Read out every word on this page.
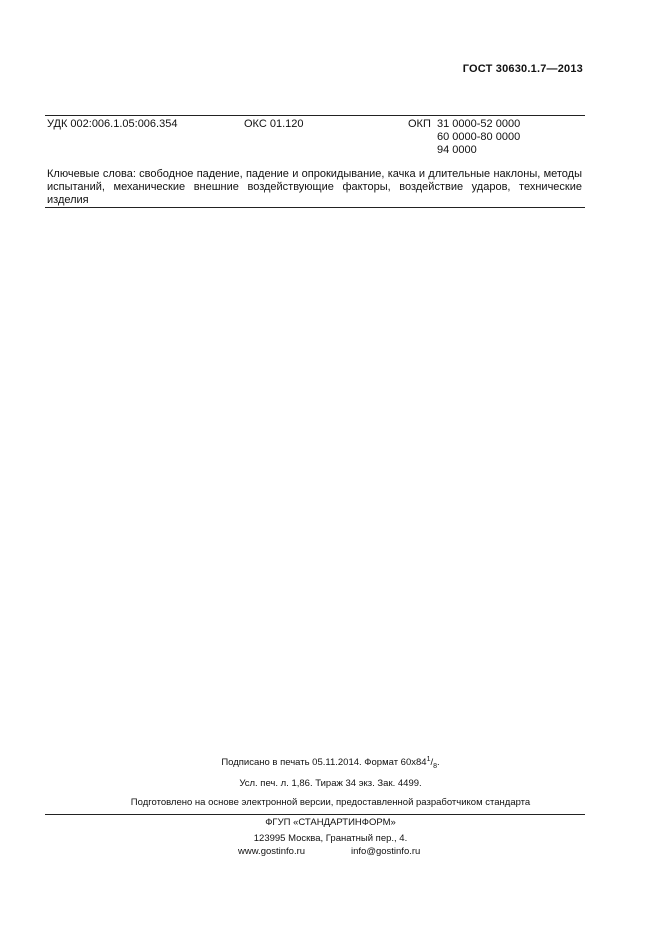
ГОСТ 30630.1.7—2013
УДК 002:006.1.05:006.354	ОКС 01.120	ОКП 31 0000-52 0000
60 0000-80 0000
94 0000
Ключевые слова: свободное падение, падение и опрокидывание, качка и длительные наклоны, методы испытаний, механические внешние воздействующие факторы, воздействие ударов, технические изделия
Подписано в печать 05.11.2014. Формат $60х84^1/_8$.
Усл. печ. л. 1,86. Тираж 34 экз. Зак. 4499.
Подготовлено на основе электронной версии, предоставленной разработчиком стандарта
ФГУП «СТАНДАРТИНФОРМ»
123995 Москва, Гранатный пер., 4.
www.gostinfo.ru	info@gostinfo.ru
